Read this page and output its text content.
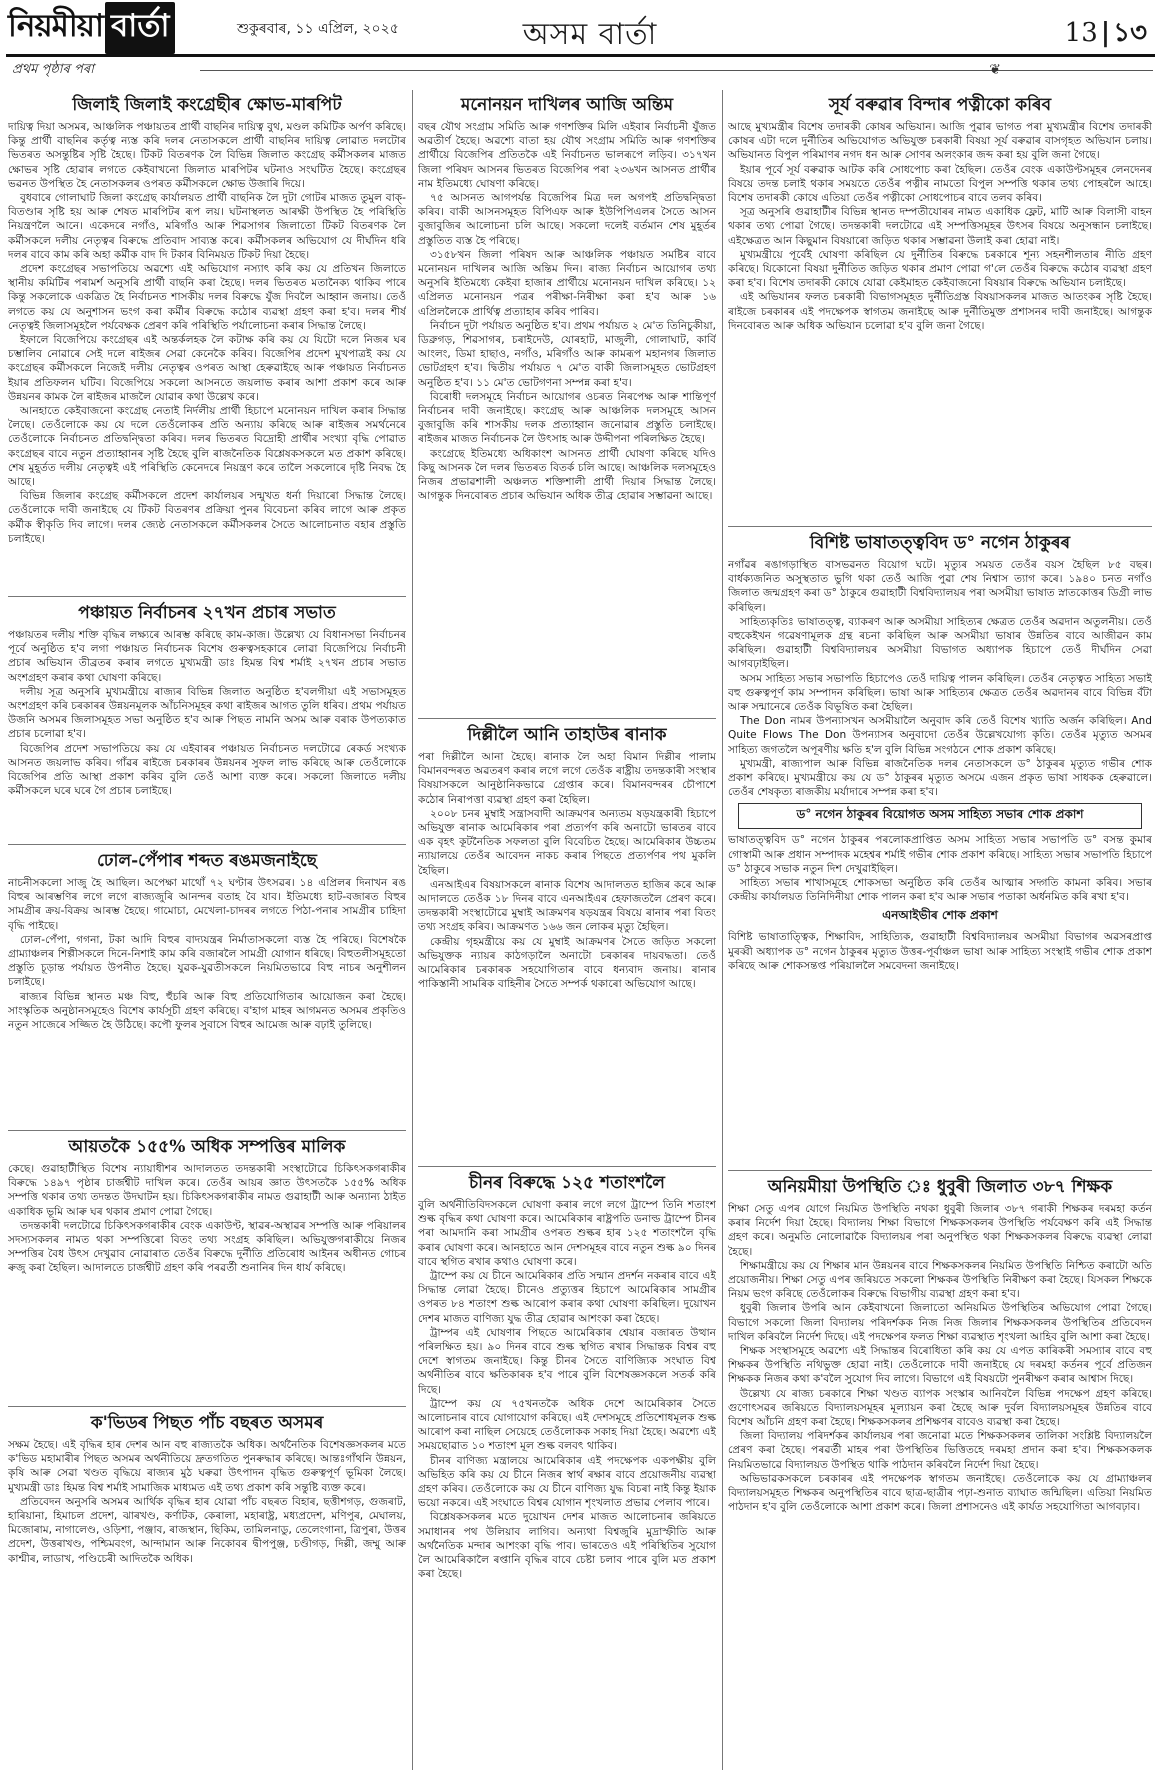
নিয়মীয়া বাৰ্তা	শুকুৰবাৰ, ১১ এপ্ৰিল, ২০২৫	অসম বাৰ্তা	13 | ১৩
প্ৰথম পৃষ্ঠাৰ পৰা	❦
জিলাই জিলাই কংগ্ৰেছীৰ ক্ষোভ-মাৰপিট

দায়িত্ব দিয়া অসমৰ, আঞ্চলিক পঞ্চায়তৰ প্ৰাৰ্থী বাছনিৰ দায়িত্ব বুথ, মণ্ডল কমিটিক অৰ্পণ কৰিছে। কিন্তু প্ৰাৰ্থী বাছনিৰ কৰ্তৃত্ব ন্যস্ত কৰি দলৰ নেতাসকলে প্ৰাৰ্থী বাছনিৰ দায়িত্ব লোৱাত দলটোৰ ভিতৰত অসন্তুষ্টিৰ সৃষ্টি হৈছে। টিকট বিতৰণক লৈ বিভিন্ন জিলাত কংগ্ৰেছ কৰ্মীসকলৰ মাজত ক্ষোভৰ সৃষ্টি হোৱাৰ লগতে কেইবাখনো জিলাত মাৰপিটৰ ঘটনাও সংঘটিত হৈছে। কংগ্ৰেছৰ ভৱনত উপস্থিত হৈ নেতাসকলৰ ওপৰত কৰ্মীসকলে ক্ষোভ উজাৰি দিয়ে।

বুধবাৰে গোলাঘাট জিলা কংগ্ৰেছ কাৰ্যালয়ত প্ৰাৰ্থী বাছনিক লৈ দুটা গোটৰ মাজত তুমুল বাক্-বিতণ্ডাৰ সৃষ্টি হয় আৰু শেষত মাৰপিটৰ ৰূপ লয়। ঘটনাস্থলত আৰক্ষী উপস্থিত হৈ পৰিস্থিতি নিয়ন্ত্ৰণলৈ আনে। একেদৰে নগাঁও, মৰিগাঁও আৰু শিৱসাগৰ জিলাতো টিকট বিতৰণক লৈ কৰ্মীসকলে দলীয় নেতৃত্বৰ বিৰুদ্ধে প্ৰতিবাদ সাব্যস্ত কৰে। কৰ্মীসকলৰ অভিযোগ যে দীৰ্ঘদিন ধৰি দলৰ বাবে কাম কৰি অহা কৰ্মীক বাদ দি টকাৰ বিনিময়ত টিকট দিয়া হৈছে।

প্ৰদেশ কংগ্ৰেছৰ সভাপতিয়ে অৱশ্যে এই অভিযোগ নস্যাৎ কৰি কয় যে প্ৰতিখন জিলাতে স্থানীয় কমিটিৰ পৰামৰ্শ অনুসৰি প্ৰাৰ্থী বাছনি কৰা হৈছে। দলৰ ভিতৰত মতানৈক্য থাকিব পাৰে কিন্তু সকলোকে একত্ৰিত হৈ নিৰ্বাচনত শাসকীয় দলৰ বিৰুদ্ধে যুঁজ দিবলৈ আহ্বান জনায়। তেওঁ লগতে কয় যে অনুশাসন ভংগ কৰা কৰ্মীৰ বিৰুদ্ধে কঠোৰ ব্যৱস্থা গ্ৰহণ কৰা হ'ব। দলৰ শীৰ্ষ নেতৃত্বই জিলাসমূহলৈ পৰ্যবেক্ষক প্ৰেৰণ কৰি পৰিস্থিতি পৰ্যালোচনা কৰাৰ সিদ্ধান্ত লৈছে।

ইফালে বিজেপিয়ে কংগ্ৰেছৰ এই অন্তৰ্কলহক লৈ কটাক্ষ কৰি কয় যে যিটো দলে নিজৰ ঘৰ চম্ভালিব নোৱাৰে সেই দলে ৰাইজৰ সেৱা কেনেকৈ কৰিব। বিজেপিৰ প্ৰদেশ মুখপাত্ৰই কয় যে কংগ্ৰেছৰ কৰ্মীসকলে নিজেই দলীয় নেতৃত্বৰ ওপৰত আস্থা হেৰুৱাইছে আৰু পঞ্চায়ত নিৰ্বাচনত ইয়াৰ প্ৰতিফলন ঘটিব। বিজেপিয়ে সকলো আসনতে জয়লাভ কৰাৰ আশা প্ৰকাশ কৰে আৰু উন্নয়নৰ কামক লৈ ৰাইজৰ মাজলৈ যোৱাৰ কথা উল্লেখ কৰে।

আনহাতে কেইবাজনো কংগ্ৰেছ নেতাই নিৰ্দলীয় প্ৰাৰ্থী হিচাপে মনোনয়ন দাখিল কৰাৰ সিদ্ধান্ত লৈছে। তেওঁলোকে কয় যে দলে তেওঁলোকৰ প্ৰতি অন্যায় কৰিছে আৰু ৰাইজৰ সমৰ্থনেৰে তেওঁলোকে নিৰ্বাচনত প্ৰতিদ্বন্দ্বিতা কৰিব। দলৰ ভিতৰত বিদ্ৰোহী প্ৰাৰ্থীৰ সংখ্যা বৃদ্ধি পোৱাত কংগ্ৰেছৰ বাবে নতুন প্ৰত্যাহ্বানৰ সৃষ্টি হৈছে বুলি ৰাজনৈতিক বিশ্লেষকসকলে মত প্ৰকাশ কৰিছে। শেষ মুহূৰ্তত দলীয় নেতৃত্বই এই পৰিস্থিতি কেনেদৰে নিয়ন্ত্ৰণ কৰে তালৈ সকলোৰে দৃষ্টি নিবদ্ধ হৈ আছে।

বিভিন্ন জিলাৰ কংগ্ৰেছ কৰ্মীসকলে প্ৰদেশ কাৰ্যালয়ৰ সন্মুখত ধৰ্না দিয়াৰো সিদ্ধান্ত লৈছে। তেওঁলোকে দাবী জনাইছে যে টিকট বিতৰণৰ প্ৰক্ৰিয়া পুনৰ বিবেচনা কৰিব লাগে আৰু প্ৰকৃত কৰ্মীক স্বীকৃতি দিব লাগে। দলৰ জ্যেষ্ঠ নেতাসকলে কৰ্মীসকলৰ সৈতে আলোচনাত বহাৰ প্ৰস্তুতি চলাইছে।

পঞ্চায়ত নিৰ্বাচনৰ ২৭খন প্ৰচাৰ সভাত

পঞ্চায়তৰ দলীয় শক্তি বৃদ্ধিৰ লক্ষ্যৰে আৰম্ভ কৰিছে কাম-কাজ। উল্লেখ্য যে বিধানসভা নিৰ্বাচনৰ পূৰ্বে অনুষ্ঠিত হ'ব লগা পঞ্চায়ত নিৰ্বাচনক বিশেষ গুৰুত্বসহকাৰে লোৱা বিজেপিয়ে নিৰ্বাচনী প্ৰচাৰ অভিযান তীব্ৰতৰ কৰাৰ লগতে মুখ্যমন্ত্ৰী ডাঃ হিমন্ত বিশ্ব শৰ্মাই ২৭খন প্ৰচাৰ সভাত অংশগ্ৰহণ কৰাৰ কথা ঘোষণা কৰিছে।

দলীয় সূত্ৰ অনুসৰি মুখ্যমন্ত্ৰীয়ে ৰাজ্যৰ বিভিন্ন জিলাত অনুষ্ঠিত হ'বলগীয়া এই সভাসমূহত অংশগ্ৰহণ কৰি চৰকাৰৰ উন্নয়নমূলক আঁচনিসমূহৰ কথা ৰাইজৰ আগত তুলি ধৰিব। প্ৰথম পৰ্যায়ত উজনি অসমৰ জিলাসমূহত সভা অনুষ্ঠিত হ'ব আৰু পিছত নামনি অসম আৰু বৰাক উপত্যকাত প্ৰচাৰ চলোৱা হ'ব।

বিজেপিৰ প্ৰদেশ সভাপতিয়ে কয় যে এইবাৰৰ পঞ্চায়ত নিৰ্বাচনত দলটোৱে ৰেকৰ্ড সংখ্যক আসনত জয়লাভ কৰিব। গাঁৱৰ ৰাইজে চৰকাৰৰ উন্নয়নৰ সুফল লাভ কৰিছে আৰু তেওঁলোকে বিজেপিৰ প্ৰতি আস্থা প্ৰকাশ কৰিব বুলি তেওঁ আশা ব্যক্ত কৰে। সকলো জিলাতে দলীয় কৰ্মীসকলে ঘৰে ঘৰে গৈ প্ৰচাৰ চলাইছে।

ঢোল-পেঁপাৰ শব্দত ৰঙমজনাইছে

নাচনীসকলো সাজু হৈ আছিল। অপেক্ষা মাথোঁ ৭২ ঘণ্টাৰ উৎসৱৰ। ১৪ এপ্ৰিলৰ দিনাখন ৰঙ বিহুৰ আৰম্ভণিৰ লগে লগে ৰাজ্যজুৰি আনন্দৰ বতাহ বৈ যাব। ইতিমধ্যে হাট-বজাৰত বিহুৰ সামগ্ৰীৰ ক্ৰয়-বিক্ৰয় আৰম্ভ হৈছে। গামোচা, মেখেলা-চাদৰৰ লগতে পিঠা-পনাৰ সামগ্ৰীৰ চাহিদা বৃদ্ধি পাইছে।

ঢোল-পেঁপা, গগনা, টকা আদি বিহুৰ বাদ্যযন্ত্ৰৰ নিৰ্মাতাসকলো ব্যস্ত হৈ পৰিছে। বিশেষকৈ গ্ৰাম্যাঞ্চলৰ শিল্পীসকলে দিনে-নিশাই কাম কৰি বজাৰলৈ সামগ্ৰী যোগান ধৰিছে। বিহুতলীসমূহতো প্ৰস্তুতি চূড়ান্ত পৰ্যায়ত উপনীত হৈছে। যুৱক-যুৱতীসকলে নিয়মিতভাৱে বিহু নাচৰ অনুশীলন চলাইছে।

ৰাজ্যৰ বিভিন্ন স্থানত মঞ্চ বিহু, হুঁচৰি আৰু বিহু প্ৰতিযোগিতাৰ আয়োজন কৰা হৈছে। সাংস্কৃতিক অনুষ্ঠানসমূহেও বিশেষ কাৰ্যসূচী গ্ৰহণ কৰিছে। ব'হাগ মাহৰ আগমনত অসমৰ প্ৰকৃতিও নতুন সাজেৰে সজ্জিত হৈ উঠিছে। কপৌ ফুলৰ সুবাসে বিহুৰ আমেজ আৰু বঢ়াই তুলিছে।

আয়তকৈ ১৫৫% অধিক সম্পত্তিৰ মালিক

কেছে। গুৱাহাটীস্থিত বিশেষ ন্যায়াধীশৰ আদালতত তদন্তকাৰী সংস্থাটোৱে চিকিৎসকগৰাকীৰ বিৰুদ্ধে ১৪৯৭ পৃষ্ঠাৰ চাৰ্জশ্বীট দাখিল কৰে। তেওঁৰ আয়ৰ জ্ঞাত উৎসতকৈ ১৫৫% অধিক সম্পত্তি থকাৰ তথ্য তদন্তত উদঘাটন হয়। চিকিৎসকগৰাকীৰ নামত গুৱাহাটী আৰু অন্যান্য ঠাইত একাধিক ভূমি আৰু ঘৰ থকাৰ প্ৰমাণ পোৱা গৈছে।

তদন্তকাৰী দলটোৱে চিকিৎসকগৰাকীৰ বেংক একাউণ্ট, স্থাৱৰ-অস্থাৱৰ সম্পত্তি আৰু পৰিয়ালৰ সদস্যসকলৰ নামত থকা সম্পত্তিৰো বিতং তথ্য সংগ্ৰহ কৰিছিল। অভিযুক্তগৰাকীয়ে নিজৰ সম্পত্তিৰ বৈধ উৎস দেখুৱাব নোৱাৰাত তেওঁৰ বিৰুদ্ধে দুৰ্নীতি প্ৰতিৰোধ আইনৰ অধীনত গোচৰ ৰুজু কৰা হৈছিল। আদালতে চাৰ্জশ্বীট গ্ৰহণ কৰি পৰৱৰ্তী শুনানিৰ দিন ধাৰ্য কৰিছে।

ক'ভিডৰ পিছত পাঁচ বছৰত অসমৰ

সক্ষম হৈছে। এই বৃদ্ধিৰ হাৰ দেশৰ আন বহু ৰাজ্যতকৈ অধিক। অৰ্থনৈতিক বিশেষজ্ঞসকলৰ মতে ক'ভিড মহামাৰীৰ পিছত অসমৰ অৰ্থনীতিয়ে দ্ৰুতগতিত পুনৰুদ্ধাৰ কৰিছে। আন্তঃগাঁথনি উন্নয়ন, কৃষি আৰু সেৱা খণ্ডত বৃদ্ধিয়ে ৰাজ্যৰ মুঠ ঘৰুৱা উৎপাদন বৃদ্ধিত গুৰুত্বপূৰ্ণ ভূমিকা লৈছে। মুখ্যমন্ত্ৰী ডাঃ হিমন্ত বিশ্ব শৰ্মাই সামাজিক মাধ্যমত এই তথ্য প্ৰকাশ কৰি সন্তুষ্টি ব্যক্ত কৰে।

প্ৰতিবেদন অনুসৰি অসমৰ আৰ্থিক বৃদ্ধিৰ হাৰ যোৱা পাঁচ বছৰত বিহাৰ, ছত্তীশগড়, গুজৰাট, হাৰিয়ানা, হিমাচল প্ৰদেশ, ঝাৰখণ্ড, কৰ্ণাটক, কেৰালা, মহাৰাষ্ট্ৰ, মধ্যপ্ৰদেশ, মণিপুৰ, মেঘালয়, মিজোৰাম, নাগালেণ্ড, ওড়িশা, পঞ্জাব, ৰাজস্থান, ছিকিম, তামিলনাডু, তেলেংগানা, ত্ৰিপুৰা, উত্তৰ প্ৰদেশ, উত্তৰাখণ্ড, পশ্চিমবংগ, আন্দামান আৰু নিকোবৰ দ্বীপপুঞ্জ, চণ্ডীগড়, দিল্লী, জম্মু আৰু কাশ্মীৰ, লাডাখ, পণ্ডিচেৰী আদিতকৈ অধিক।

মনোনয়ন দাখিলৰ আজি অন্তিম

বছৰ যৌথ সংগ্ৰাম সমিতি আৰু গণশক্তিৰ মিলি এইবাৰ নিৰ্বাচনী যুঁজত অৱতীৰ্ণ হৈছে। অৱশ্যে বাতা হয় যৌথ সংগ্ৰাম সমিতি আৰু গণশক্তিৰ প্ৰাৰ্থীয়ে বিজেপিৰ প্ৰতিতকৈ এই নিৰ্বাচনত ভালৰূপে লড়িব। ৩১৭খন জিলা পৰিষদ আসনৰ ভিতৰত বিজেপিৰ পৰা ২৩৬খন আসনত প্ৰাৰ্থীৰ নাম ইতিমধ্যে ঘোষণা কৰিছে।

৭৫ আসনত আগপৰ্যন্ত বিজেপিৰ মিত্ৰ দল অগপই প্ৰতিদ্বন্দ্বিতা কৰিব। বাকী আসনসমূহত বিপিএফ আৰু ইউপিপিএলৰ সৈতে আসন বুজাবুজিৰ আলোচনা চলি আছে। সকলো দলেই বৰ্তমান শেষ মুহূৰ্তৰ প্ৰস্তুতিত ব্যস্ত হৈ পৰিছে।

৩১৫৮খন জিলা পৰিষদ আৰু আঞ্চলিক পঞ্চায়ত সমষ্টিৰ বাবে মনোনয়ন দাখিলৰ আজি অন্তিম দিন। ৰাজ্য নিৰ্বাচন আয়োগৰ তথ্য অনুসৰি ইতিমধ্যে কেইবা হাজাৰ প্ৰাৰ্থীয়ে মনোনয়ন দাখিল কৰিছে। ১২ এপ্ৰিলত মনোনয়ন পত্ৰৰ পৰীক্ষা-নিৰীক্ষা কৰা হ'ব আৰু ১৬ এপ্ৰিললৈকে প্ৰাৰ্থিত্ব প্ৰত্যাহাৰ কৰিব পাৰিব।

নিৰ্বাচন দুটা পৰ্যায়ত অনুষ্ঠিত হ'ব। প্ৰথম পৰ্যায়ত ২ মে'ত তিনিচুকীয়া, ডিব্ৰুগড়, শিৱসাগৰ, চৰাইদেউ, যোৰহাট, মাজুলী, গোলাঘাট, কাৰ্বি আংলং, ডিমা হাছাও, নগাঁও, মৰিগাঁও আৰু কামৰূপ মহানগৰ জিলাত ভোটগ্ৰহণ হ'ব। দ্বিতীয় পৰ্যায়ত ৭ মে'ত বাকী জিলাসমূহত ভোটগ্ৰহণ অনুষ্ঠিত হ'ব। ১১ মে'ত ভোটগণনা সম্পন্ন কৰা হ'ব।

বিৰোধী দলসমূহে নিৰ্বাচন আয়োগৰ ওচৰত নিৰপেক্ষ আৰু শান্তিপূৰ্ণ নিৰ্বাচনৰ দাবী জনাইছে। কংগ্ৰেছ আৰু আঞ্চলিক দলসমূহে আসন বুজাবুজি কৰি শাসকীয় দলক প্ৰত্যাহ্বান জনোৱাৰ প্ৰস্তুতি চলাইছে। ৰাইজৰ মাজত নিৰ্বাচনক লৈ উৎসাহ আৰু উদ্দীপনা পৰিলক্ষিত হৈছে।

কংগ্ৰেছে ইতিমধ্যে অধিকাংশ আসনত প্ৰাৰ্থী ঘোষণা কৰিছে যদিও কিছু আসনক লৈ দলৰ ভিতৰত বিতৰ্ক চলি আছে। আঞ্চলিক দলসমূহেও নিজৰ প্ৰভাৱশালী অঞ্চলত শক্তিশালী প্ৰাৰ্থী দিয়াৰ সিদ্ধান্ত লৈছে। আগন্তুক দিনবোৰত প্ৰচাৰ অভিযান অধিক তীব্ৰ হোৱাৰ সম্ভাৱনা আছে।

দিল্লীলৈ আনি তাহাউৰ ৰানাক

পৰা দিল্লীলৈ আনা হৈছে। ৰানাক লৈ অহা বিমান দিল্লীৰ পালাম বিমানবন্দৰত অৱতৰণ কৰাৰ লগে লগে তেওঁক ৰাষ্ট্ৰীয় তদন্তকাৰী সংস্থাৰ বিষয়াসকলে আনুষ্ঠানিকভাৱে গ্ৰেপ্তাৰ কৰে। বিমানবন্দৰৰ চৌপাশে কঠোৰ নিৰাপত্তা ব্যৱস্থা গ্ৰহণ কৰা হৈছিল।

২০০৮ চনৰ মুম্বাই সন্ত্ৰাসবাদী আক্ৰমণৰ অন্যতম ষড়যন্ত্ৰকাৰী হিচাপে অভিযুক্ত ৰানাক আমেৰিকাৰ পৰা প্ৰত্যৰ্পণ কৰি অনাটো ভাৰতৰ বাবে এক বৃহৎ কূটনৈতিক সফলতা বুলি বিবেচিত হৈছে। আমেৰিকাৰ উচ্চতম ন্যায়ালয়ে তেওঁৰ আবেদন নাকচ কৰাৰ পিছতে প্ৰত্যৰ্পণৰ পথ মুকলি হৈছিল।

এনআইএৰ বিষয়াসকলে ৰানাক বিশেষ আদালতত হাজিৰ কৰে আৰু আদালতে তেওঁক ১৮ দিনৰ বাবে এনআইএৰ হেফাজতলৈ প্ৰেৰণ কৰে। তদন্তকাৰী সংস্থাটোৱে মুম্বাই আক্ৰমণৰ ষড়যন্ত্ৰৰ বিষয়ে ৰানাৰ পৰা বিতং তথ্য সংগ্ৰহ কৰিব। আক্ৰমণত ১৬৬ জন লোকৰ মৃত্যু হৈছিল।

কেন্দ্ৰীয় গৃহমন্ত্ৰীয়ে কয় যে মুম্বাই আক্ৰমণৰ সৈতে জড়িত সকলো অভিযুক্তক ন্যায়ৰ কাঠগড়ালৈ অনাটো চৰকাৰৰ দায়বদ্ধতা। তেওঁ আমেৰিকাৰ চৰকাৰক সহযোগিতাৰ বাবে ধন্যবাদ জনায়। ৰানাৰ পাকিস্তানী সামৰিক বাহিনীৰ সৈতে সম্পৰ্ক থকাৰো অভিযোগ আছে।

চীনৰ বিৰুদ্ধে ১২৫ শতাংশলৈ

বুলি অৰ্থনীতিবিদসকলে ঘোষণা কৰাৰ লগে লগে ট্ৰাম্পে তিনি শতাংশ শুল্ক বৃদ্ধিৰ কথা ঘোষণা কৰে। আমেৰিকাৰ ৰাষ্ট্ৰপতি ডনাল্ড ট্ৰাম্পে চীনৰ পৰা আমদানি কৰা সামগ্ৰীৰ ওপৰত শুল্কৰ হাৰ ১২৫ শতাংশলৈ বৃদ্ধি কৰাৰ ঘোষণা কৰে। আনহাতে আন দেশসমূহৰ বাবে নতুন শুল্ক ৯০ দিনৰ বাবে স্থগিত ৰখাৰ কথাও ঘোষণা কৰে।

ট্ৰাম্পে কয় যে চীনে আমেৰিকাৰ প্ৰতি সন্মান প্ৰদৰ্শন নকৰাৰ বাবে এই সিদ্ধান্ত লোৱা হৈছে। চীনেও প্ৰত্যুত্তৰ হিচাপে আমেৰিকাৰ সামগ্ৰীৰ ওপৰত ৮৪ শতাংশ শুল্ক আৰোপ কৰাৰ কথা ঘোষণা কৰিছিল। দুয়োখন দেশৰ মাজত বাণিজ্য যুদ্ধ তীব্ৰ হোৱাৰ আশংকা কৰা হৈছে।

ট্ৰাম্পৰ এই ঘোষণাৰ পিছতে আমেৰিকাৰ শ্বেয়াৰ বজাৰত উত্থান পৰিলক্ষিত হয়। ৯০ দিনৰ বাবে শুল্ক স্থগিত ৰখাৰ সিদ্ধান্তক বিশ্বৰ বহু দেশে স্বাগতম জনাইছে। কিন্তু চীনৰ সৈতে বাণিজ্যিক সংঘাত বিশ্ব অৰ্থনীতিৰ বাবে ক্ষতিকাৰক হ'ব পাৰে বুলি বিশেষজ্ঞসকলে সতৰ্ক কৰি দিছে।

ট্ৰাম্পে কয় যে ৭৫খনতকৈ অধিক দেশে আমেৰিকাৰ সৈতে আলোচনাৰ বাবে যোগাযোগ কৰিছে। এই দেশসমূহে প্ৰতিশোধমূলক শুল্ক আৰোপ কৰা নাছিল সেয়েহে তেওঁলোকক সকাহ দিয়া হৈছে। অৱশ্যে এই সময়ছোৱাত ১০ শতাংশ মূল শুল্ক বলবৎ থাকিব।

চীনৰ বাণিজ্য মন্ত্ৰালয়ে আমেৰিকাৰ এই পদক্ষেপক একপক্ষীয় বুলি অভিহিত কৰি কয় যে চীনে নিজৰ স্বাৰ্থ ৰক্ষাৰ বাবে প্ৰয়োজনীয় ব্যৱস্থা গ্ৰহণ কৰিব। তেওঁলোকে কয় যে চীনে বাণিজ্য যুদ্ধ বিচৰা নাই কিন্তু ইয়াক ভয়ো নকৰে। এই সংঘাতে বিশ্বৰ যোগান শৃংখলাত প্ৰভাৱ পেলাব পাৰে।

বিশ্লেষকসকলৰ মতে দুয়োখন দেশৰ মাজত আলোচনাৰ জৰিয়তে সমাধানৰ পথ উলিয়াব লাগিব। অন্যথা বিশ্বজুৰি মুদ্ৰাস্ফীতি আৰু অৰ্থনৈতিক মন্দাৰ আশংকা বৃদ্ধি পাব। ভাৰতেও এই পৰিস্থিতিৰ সুযোগ লৈ আমেৰিকালৈ ৰপ্তানি বৃদ্ধিৰ বাবে চেষ্টা চলাব পাৰে বুলি মত প্ৰকাশ কৰা হৈছে।

সূৰ্য বৰুৱাৰ বিন্দাৰ পত্নীকো কৰিব

আছে মুখ্যমন্ত্ৰীৰ বিশেষ তদাৰকী কোষৰ অভিযান। আজি পুৱাৰ ভাগত পৰা মুখ্যমন্ত্ৰীৰ বিশেষ তদাৰকী কোষৰ এটা দলে দুৰ্নীতিৰ অভিযোগত অভিযুক্ত চৰকাৰী বিষয়া সূৰ্য বৰুৱাৰ বাসগৃহত অভিযান চলায়। অভিযানত বিপুল পৰিমাণৰ নগদ ধন আৰু সোণৰ অলংকাৰ জব্দ কৰা হয় বুলি জনা গৈছে।

ইয়াৰ পূৰ্বে সূৰ্য বৰুৱাক আটক কৰি সোধপোচ কৰা হৈছিল। তেওঁৰ বেংক একাউণ্টসমূহৰ লেনদেনৰ বিষয়ে তদন্ত চলাই থকাৰ সময়তে তেওঁৰ পত্নীৰ নামতো বিপুল সম্পত্তি থকাৰ তথ্য পোহৰলৈ আহে। বিশেষ তদাৰকী কোষে এতিয়া তেওঁৰ পত্নীকো সোধপোচৰ বাবে তলব কৰিব।

সূত্ৰ অনুসৰি গুৱাহাটীৰ বিভিন্ন স্থানত দম্পতীযোৰৰ নামত একাধিক ফ্লেট, মাটি আৰু বিলাসী বাহন থকাৰ তথ্য পোৱা গৈছে। তদন্তকাৰী দলটোৱে এই সম্পত্তিসমূহৰ উৎসৰ বিষয়ে অনুসন্ধান চলাইছে। এইক্ষেত্ৰত আন কিছুমান বিষয়াৰো জড়িত থকাৰ সম্ভাৱনা উলাই কৰা হোৱা নাই।

মুখ্যমন্ত্ৰীয়ে পূৰ্বেই ঘোষণা কৰিছিল যে দুৰ্নীতিৰ বিৰুদ্ধে চৰকাৰে শূন্য সহনশীলতাৰ নীতি গ্ৰহণ কৰিছে। যিকোনো বিষয়া দুৰ্নীতিত জড়িত থকাৰ প্ৰমাণ পোৱা গ'লে তেওঁৰ বিৰুদ্ধে কঠোৰ ব্যৱস্থা গ্ৰহণ কৰা হ'ব। বিশেষ তদাৰকী কোষে যোৱা কেইমাহত কেইবাজনো বিষয়াৰ বিৰুদ্ধে অভিযান চলাইছে।

এই অভিযানৰ ফলত চৰকাৰী বিভাগসমূহত দুৰ্নীতিগ্ৰস্ত বিষয়াসকলৰ মাজত আতংকৰ সৃষ্টি হৈছে। ৰাইজে চৰকাৰৰ এই পদক্ষেপক স্বাগতম জনাইছে আৰু দুৰ্নীতিমুক্ত প্ৰশাসনৰ দাবী জনাইছে। আগন্তুক দিনবোৰত আৰু অধিক অভিযান চলোৱা হ'ব বুলি জনা গৈছে।

বিশিষ্ট ভাষাতত্ত্ববিদ ড° নগেন ঠাকুৰৰ

নগাঁৱৰ ৰঙাগড়াস্থিত বাসভৱনত বিয়োগ ঘটে। মৃত্যুৰ সময়ত তেওঁৰ বয়স হৈছিল ৮৫ বছৰ। বাৰ্ধক্যজনিত অসুস্থতাত ভুগি থকা তেওঁ আজি পুৱা শেষ নিশ্বাস ত্যাগ কৰে। ১৯৪০ চনত নগাঁও জিলাত জন্মগ্ৰহণ কৰা ড° ঠাকুৰে গুৱাহাটী বিশ্ববিদ্যালয়ৰ পৰা অসমীয়া ভাষাত স্নাতকোত্তৰ ডিগ্ৰী লাভ কৰিছিল।

সাহিত্যকৃতিঃ ভাষাতত্ত্ব, ব্যাকৰণ আৰু অসমীয়া সাহিত্যৰ ক্ষেত্ৰত তেওঁৰ অৱদান অতুলনীয়। তেওঁ বহুকেইখন গৱেষণামূলক গ্ৰন্থ ৰচনা কৰিছিল আৰু অসমীয়া ভাষাৰ উন্নতিৰ বাবে আজীৱন কাম কৰিছিল। গুৱাহাটী বিশ্ববিদ্যালয়ৰ অসমীয়া বিভাগত অধ্যাপক হিচাপে তেওঁ দীৰ্ঘদিন সেৱা আগবঢ়াইছিল।

অসম সাহিত্য সভাৰ সভাপতি হিচাপেও তেওঁ দায়িত্ব পালন কৰিছিল। তেওঁৰ নেতৃত্বত সাহিত্য সভাই বহু গুৰুত্বপূৰ্ণ কাম সম্পাদন কৰিছিল। ভাষা আৰু সাহিত্যৰ ক্ষেত্ৰত তেওঁৰ অৱদানৰ বাবে বিভিন্ন বঁটা আৰু সন্মানেৰে তেওঁক বিভূষিত কৰা হৈছিল।

The Don নামৰ উপন্যাসখন অসমীয়ালৈ অনুবাদ কৰি তেওঁ বিশেষ খ্যাতি অৰ্জন কৰিছিল। And Quite Flows The Don উপন্যাসৰ অনুবাদো তেওঁৰ উল্লেখযোগ্য কৃতি। তেওঁৰ মৃত্যুত অসমৰ সাহিত্য জগতলৈ অপূৰণীয় ক্ষতি হ'ল বুলি বিভিন্ন সংগঠনে শোক প্ৰকাশ কৰিছে।

মুখ্যমন্ত্ৰী, ৰাজ্যপাল আৰু বিভিন্ন ৰাজনৈতিক দলৰ নেতাসকলে ড° ঠাকুৰৰ মৃত্যুত গভীৰ শোক প্ৰকাশ কৰিছে। মুখ্যমন্ত্ৰীয়ে কয় যে ড° ঠাকুৰৰ মৃত্যুত অসমে এজন প্ৰকৃত ভাষা সাধকক হেৰুৱালে। তেওঁৰ শেষকৃত্য ৰাজকীয় মৰ্যাদাৰে সম্পন্ন কৰা হ'ব।

ড° নগেন ঠাকুৰৰ বিয়োগত অসম সাহিত্য সভাৰ শোক প্ৰকাশ

ভাষাতত্ত্ববিদ ড° নগেন ঠাকুৰৰ পৰলোকপ্ৰাপ্তিত অসম সাহিত্য সভাৰ সভাপতি ড° বসন্ত কুমাৰ গোস্বামী আৰু প্ৰধান সম্পাদক মহেশ্বৰ শৰ্মাই গভীৰ শোক প্ৰকাশ কৰিছে। সাহিত্য সভাৰ সভাপতি হিচাপে ড° ঠাকুৰে সভাক নতুন দিশ দেখুৱাইছিল।

সাহিত্য সভাৰ শাখাসমূহে শোকসভা অনুষ্ঠিত কৰি তেওঁৰ আত্মাৰ সদ্গতি কামনা কৰিব। সভাৰ কেন্দ্ৰীয় কাৰ্যালয়ত তিনিদিনীয়া শোক পালন কৰা হ'ব আৰু সভাৰ পতাকা অৰ্ধনমিত কৰি ৰখা হ'ব।

এনআইভীৰ শোক প্ৰকাশ

বিশিষ্ট ভাষাতাত্ত্বিক, শিক্ষাবিদ, সাহিত্যিক, গুৱাহাটী বিশ্ববিদ্যালয়ৰ অসমীয়া বিভাগৰ অৱসৰপ্ৰাপ্ত মুৰব্বী অধ্যাপক ড° নগেন ঠাকুৰৰ মৃত্যুত উত্তৰ-পূৰ্বাঞ্চল ভাষা আৰু সাহিত্য সংস্থাই গভীৰ শোক প্ৰকাশ কৰিছে আৰু শোকসন্তপ্ত পৰিয়াললৈ সমবেদনা জনাইছে।

অনিয়মীয়া উপস্থিতি ঃ ধুবুৰী জিলাত ৩৮৭ শিক্ষক

শিক্ষা সেতু এপৰ যোগে নিয়মিত উপস্থিতি নথকা ধুবুৰী জিলাৰ ৩৮৭ গৰাকী শিক্ষকৰ দৰমহা কৰ্তন কৰাৰ নিৰ্দেশ দিয়া হৈছে। বিদ্যালয় শিক্ষা বিভাগে শিক্ষকসকলৰ উপস্থিতি পৰ্যবেক্ষণ কৰি এই সিদ্ধান্ত গ্ৰহণ কৰে। অনুমতি নোলোৱাকৈ বিদ্যালয়ৰ পৰা অনুপস্থিত থকা শিক্ষকসকলৰ বিৰুদ্ধে ব্যৱস্থা লোৱা হৈছে।

শিক্ষামন্ত্ৰীয়ে কয় যে শিক্ষাৰ মান উন্নয়নৰ বাবে শিক্ষকসকলৰ নিয়মিত উপস্থিতি নিশ্চিত কৰাটো অতি প্ৰয়োজনীয়। শিক্ষা সেতু এপৰ জৰিয়তে সকলো শিক্ষকৰ উপস্থিতি নিৰীক্ষণ কৰা হৈছে। যিসকল শিক্ষকে নিয়ম ভংগ কৰিছে তেওঁলোকৰ বিৰুদ্ধে বিভাগীয় ব্যৱস্থা গ্ৰহণ কৰা হ'ব।

ধুবুৰী জিলাৰ উপৰি আন কেইবাখনো জিলাতো অনিয়মিত উপস্থিতিৰ অভিযোগ পোৱা গৈছে। বিভাগে সকলো জিলা বিদ্যালয় পৰিদৰ্শকক নিজ নিজ জিলাৰ শিক্ষকসকলৰ উপস্থিতিৰ প্ৰতিবেদন দাখিল কৰিবলৈ নিৰ্দেশ দিছে। এই পদক্ষেপৰ ফলত শিক্ষা ব্যৱস্থাত শৃংখলা আহিব বুলি আশা কৰা হৈছে।

শিক্ষক সংস্থাসমূহে অৱশ্যে এই সিদ্ধান্তৰ বিৰোধিতা কৰি কয় যে এপত কাৰিকৰী সমস্যাৰ বাবে বহু শিক্ষকৰ উপস্থিতি নথিভুক্ত হোৱা নাই। তেওঁলোকে দাবী জনাইছে যে দৰমহা কৰ্তনৰ পূৰ্বে প্ৰতিজন শিক্ষকক নিজৰ কথা ক'বলৈ সুযোগ দিব লাগে। বিভাগে এই বিষয়টো পুনৰীক্ষণ কৰাৰ আশ্বাস দিছে।

উল্লেখ্য যে ৰাজ্য চৰকাৰে শিক্ষা খণ্ডত ব্যাপক সংস্কাৰ আনিবলৈ বিভিন্ন পদক্ষেপ গ্ৰহণ কৰিছে। গুণোৎসৱৰ জৰিয়তে বিদ্যালয়সমূহৰ মূল্যায়ন কৰা হৈছে আৰু দুৰ্বল বিদ্যালয়সমূহৰ উন্নতিৰ বাবে বিশেষ আঁচনি গ্ৰহণ কৰা হৈছে। শিক্ষকসকলৰ প্ৰশিক্ষণৰ বাবেও ব্যৱস্থা কৰা হৈছে।

জিলা বিদ্যালয় পৰিদৰ্শকৰ কাৰ্যালয়ৰ পৰা জনোৱা মতে শিক্ষকসকলৰ তালিকা সংশ্লিষ্ট বিদ্যালয়লৈ প্ৰেৰণ কৰা হৈছে। পৰৱৰ্তী মাহৰ পৰা উপস্থিতিৰ ভিত্তিতহে দৰমহা প্ৰদান কৰা হ'ব। শিক্ষকসকলক নিয়মিতভাৱে বিদ্যালয়ত উপস্থিত থাকি পাঠদান কৰিবলৈ নিৰ্দেশ দিয়া হৈছে।

অভিভাৱকসকলে চৰকাৰৰ এই পদক্ষেপক স্বাগতম জনাইছে। তেওঁলোকে কয় যে গ্ৰাম্যাঞ্চলৰ বিদ্যালয়সমূহত শিক্ষকৰ অনুপস্থিতিৰ বাবে ছাত্ৰ-ছাত্ৰীৰ পঢ়া-শুনাত ব্যাঘাত জন্মিছিল। এতিয়া নিয়মিত পাঠদান হ'ব বুলি তেওঁলোকে আশা প্ৰকাশ কৰে। জিলা প্ৰশাসনেও এই কাৰ্যত সহযোগিতা আগবঢ়াব।
